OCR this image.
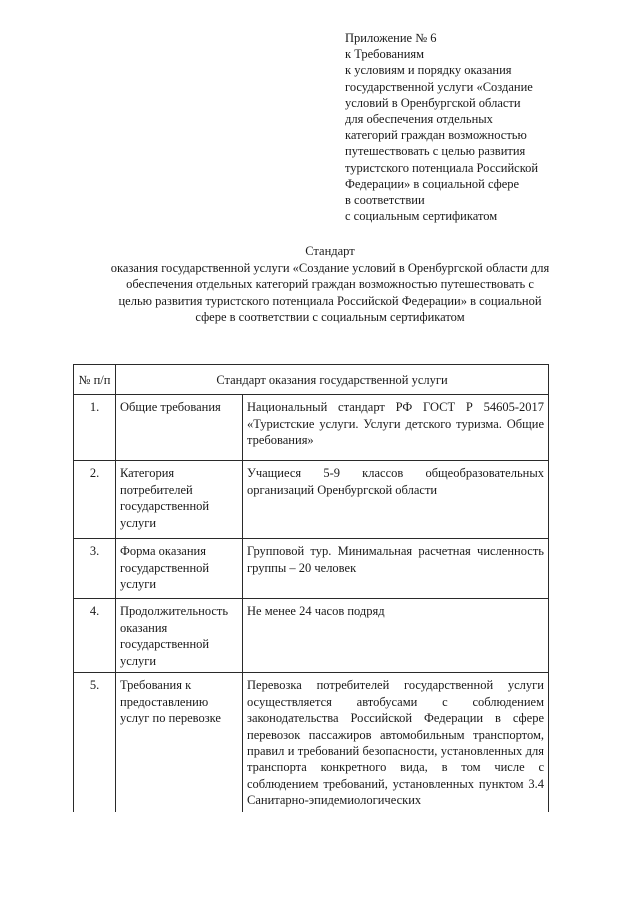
Приложение № 6
к Требованиям
к условиям и порядку оказания
государственной услуги «Создание
условий в Оренбургской области
для обеспечения отдельных
категорий граждан возможностью
путешествовать с целью развития
туристского потенциала Российской
Федерации» в социальной сфере
в соответствии
с социальным сертификатом
Стандарт
оказания государственной услуги «Создание условий в Оренбургской области для
обеспечения отдельных категорий граждан возможностью путешествовать с
целью развития туристского потенциала Российской Федерации» в социальной
сфере в соответствии с социальным сертификатом
№ п/п	Стандарт оказания государственной услуги	
1.	Общие требования	Национальный стандарт РФ ГОСТ Р 54605-2017 «Туристские услуги. Услуги детского туризма. Общие требования»
2.	Категория потребителей государственной услуги	Учащиеся 5-9 классов общеобразовательных организаций Оренбургской области
3.	Форма оказания государственной услуги	Групповой тур. Минимальная расчетная численность группы – 20 человек
4.	Продолжительность оказания государственной услуги	Не менее 24 часов подряд
5.	Требования к предоставлению услуг по перевозке	Перевозка потребителей государственной услуги осуществляется автобусами с соблюдением законодательства Российской Федерации в сфере перевозок пассажиров автомобильным транспортом, правил и требований безопасности, установленных для транспорта конкретного вида, в том числе с соблюдением требований, установленных пунктом 3.4 Санитарно-эпидемиологических
